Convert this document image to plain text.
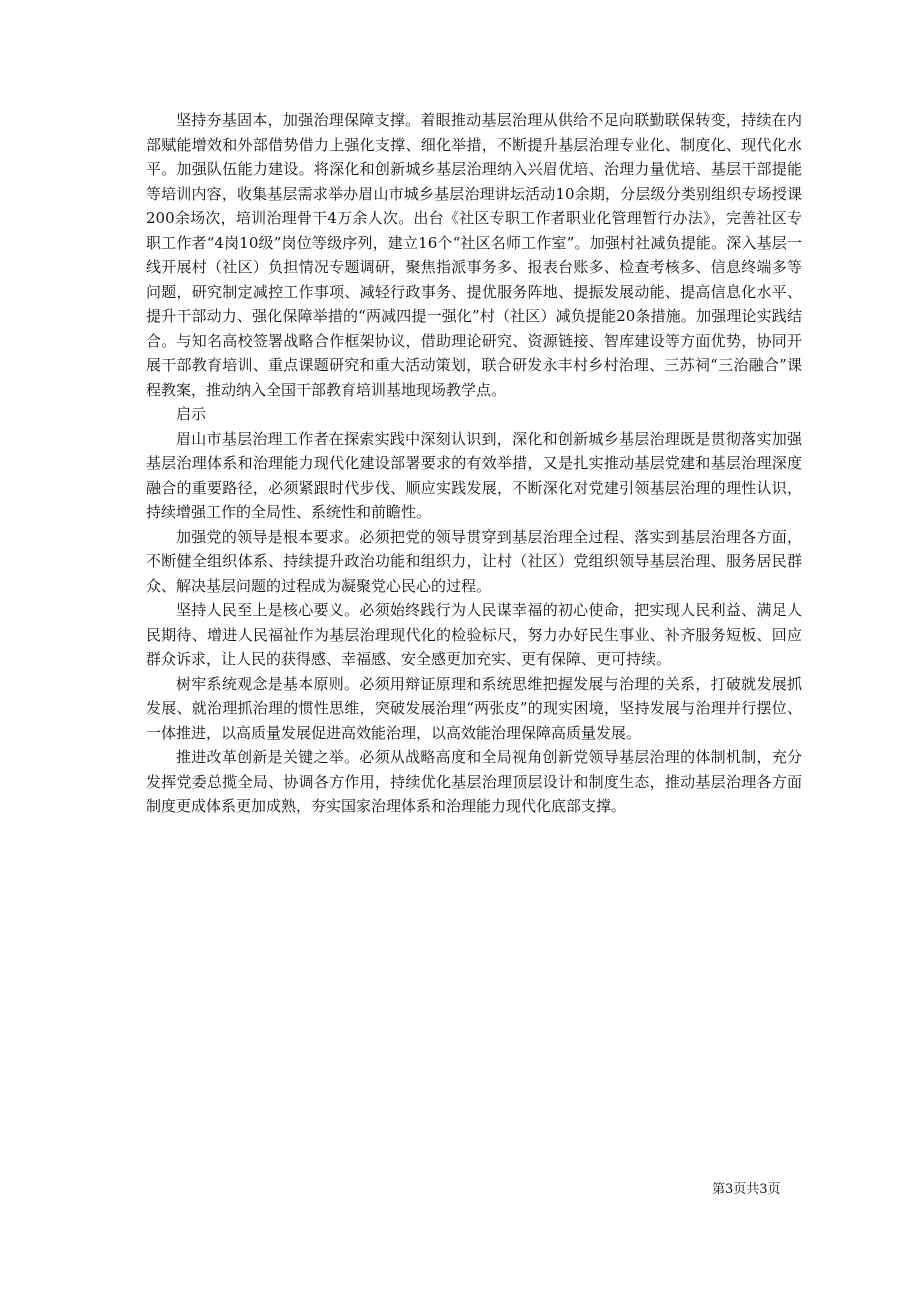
坚持夯基固本，加强治理保障支撑。着眼推动基层治理从供给不足向联勤联保转变，持续在内部赋能增效和外部借势借力上强化支撑、细化举措，不断提升基层治理专业化、制度化、现代化水平。加强队伍能力建设。将深化和创新城乡基层治理纳入兴眉优培、治理力量优培、基层干部提能等培训内容，收集基层需求举办眉山市城乡基层治理讲坛活动10余期，分层级分类别组织专场授课200余场次，培训治理骨干4万余人次。出台《社区专职工作者职业化管理暂行办法》，完善社区专职工作者“4岗10级”岗位等级序列，建立16个“社区名师工作室”。加强村社减负提能。深入基层一线开展村（社区）负担情况专题调研，聚焦指派事务多、报表台账多、检查考核多、信息终端多等问题，研究制定减控工作事项、减轻行政事务、提优服务阵地、提振发展动能、提高信息化水平、提升干部动力、强化保障举措的“两减四提一强化”村（社区）减负提能20条措施。加强理论实践结合。与知名高校签署战略合作框架协议，借助理论研究、资源链接、智库建设等方面优势，协同开展干部教育培训、重点课题研究和重大活动策划，联合研发永丰村乡村治理、三苏祠“三治融合”课程教案，推动纳入全国干部教育培训基地现场教学点。

启示

眉山市基层治理工作者在探索实践中深刻认识到，深化和创新城乡基层治理既是贯彻落实加强基层治理体系和治理能力现代化建设部署要求的有效举措，又是扎实推动基层党建和基层治理深度融合的重要路径，必须紧跟时代步伐、顺应实践发展，不断深化对党建引领基层治理的理性认识，持续增强工作的全局性、系统性和前瞻性。

加强党的领导是根本要求。必须把党的领导贯穿到基层治理全过程、落实到基层治理各方面，不断健全组织体系、持续提升政治功能和组织力，让村（社区）党组织领导基层治理、服务居民群众、解决基层问题的过程成为凝聚党心民心的过程。

坚持人民至上是核心要义。必须始终践行为人民谋幸福的初心使命，把实现人民利益、满足人民期待、增进人民福祉作为基层治理现代化的检验标尺，努力办好民生事业、补齐服务短板、回应群众诉求，让人民的获得感、幸福感、安全感更加充实、更有保障、更可持续。

树牢系统观念是基本原则。必须用辩证原理和系统思维把握发展与治理的关系，打破就发展抓发展、就治理抓治理的惯性思维，突破发展治理“两张皮”的现实困境，坚持发展与治理并行摆位、一体推进，以高质量发展促进高效能治理，以高效能治理保障高质量发展。

推进改革创新是关键之举。必须从战略高度和全局视角创新党领导基层治理的体制机制，充分发挥党委总揽全局、协调各方作用，持续优化基层治理顶层设计和制度生态，推动基层治理各方面制度更成体系更加成熟，夯实国家治理体系和治理能力现代化底部支撑。

第3页共3页
